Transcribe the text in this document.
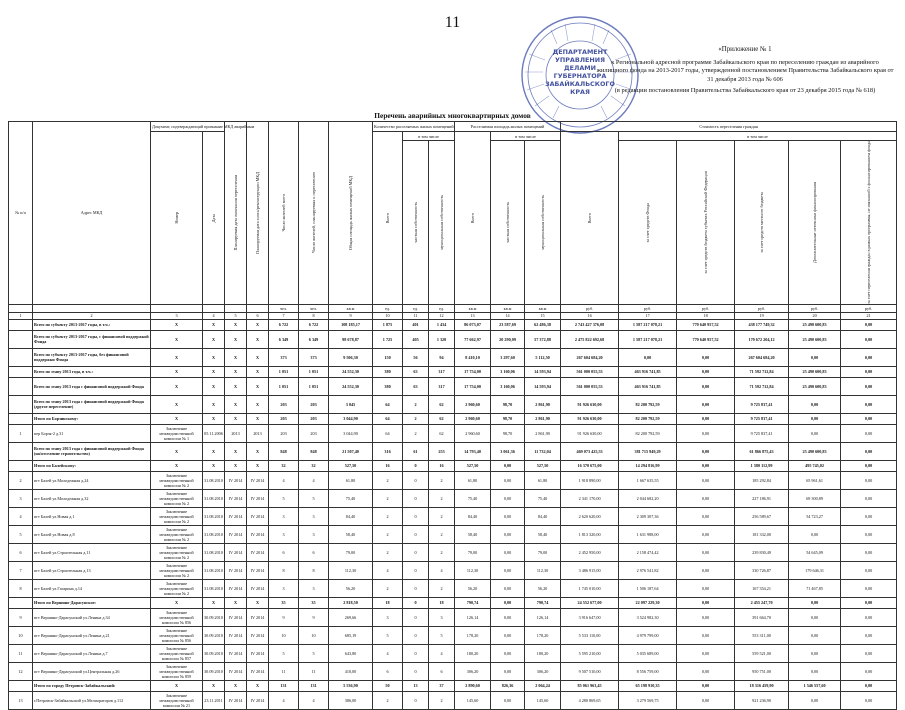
11
ДЕПАРТАМЕНТ
УПРАВЛЕНИЯ
ДЕЛАМИ
ГУБЕРНАТОРА
ЗАБАЙКАЛЬСКОГО
КРАЯ
«Приложение № 1
к Региональной адресной программе Забайкальского края по переселению граждан из аварийного жилищного фонда на 2013-2017 годы, утвержденной постановлением Правительства Забайкальского края от 31 декабря 2013 года № 606
(в редакции постановления Правительства Забайкальского края от 23 декабря 2015 года № 618)
Перечень аварийных многоквартирных домов
№ п/п	Адрес МКД	Документ, подтверждающий признание МКД аварийным		Планируемая дата окончания переселения	Планируемая дата сноса/реконструкции МКД	Число жителей всего	Число жителей, планируемых к переселению	Общая площадь жилых помещений МКД	Количество расселяемых жилых помещений			Расселяемая площадь жилых помещений			Стоимость переселения граждан					

		Номер	Дата						Всего	в том числе		Всего	в том числе		Всего	в том числе				

										частная собственность	муниципальная собственность		частная собственность	муниципальная собственность		за счет средств Фонда	за счет средств бюджета субъекта Российской Федерации	за счет средств местного бюджета	Дополнительные источники финансирования	за счет переселения граждан в рамках программы, не связанной с финансированием фонда

						чел.	чел.	кв.м	ед.	ед.	ед.	кв.м	кв.м	кв.м	руб.	руб.	руб.	руб.	руб.	руб.
1	2	3	4	5	6	7	8	9	10	11	12	13	14	15	16	17	18	19	20	21
	Всего по субъекту 2013-2017 годы, в т.ч.:	X	X	X	X	6 722	6 722	108 185,17	1 875	401	1 434	86 073,07	23 587,69	62 486,38	2 743 427 376,08	1 587 217 078,21	770 640 957,52	438 177 749,32	25 490 600,83	0,00
	Всего по субъекту 2013-2017 годы, с финансовой поддержкой Фонда	X	X	X	X	6 349	6 349	98 678,87	1 725	405	1 320	77 662,97	20 290,09	57 372,88	2 475 822 692,68	1 587 217 078,21	770 640 957,52	170 672 204,12	25 490 600,83	0,00
	Всего по субъекту 2013-2017 годы, без финансовой поддержки Фонда	X	X	X	X	373	373	9 506,30	150	56	94	8 410,10	3 297,60	5 112,50	267 604 684,20	0,00	0,00	267 604 684,20	0,00	0,00
	Всего по этапу 2013 года, в т.ч.:	X	X	X	X	1 051	1 051	24 552,30	380	63	317	17 754,00	3 160,06	14 593,94	561 000 055,53	463 916 741,85	0,00	71 592 712,84	25 490 600,83	0,00
	Всего по этапу 2013 года с финансовой поддержкой Фонда	X	X	X	X	1 051	1 051	24 552,30	380	63	317	17 754,00	3 160,06	14 593,94	561 000 055,53	463 916 741,85	0,00	71 592 712,84	25 490 600,83	0,00
	Всего по этапу 2013 года с финансовой поддержкой Фонда (другое переселение)	X	X	X	X	203	203	3 045	64	2	62	2 960,60	98,70	2 861,90	91 926 630,00	82 200 792,59	0,00	9 725 837,41	0,00	0,00
	Итого по Борзинскому:	X	X	X	X	203	203	3 044,90	64	2	62	2 960,60	98,70	2 861,90	91 926 630,00	82 200 792,59	0,00	9 725 837,41	0,00	0,00
1	пер Борзя-2 д.31	Заключение межведомственной комиссии № 1	05.11.2006	2013	2013	203	203	3 044,90	64	2	62	2 960,60	98,70	2 861,90	91 926 630,00	82 200 792,59	0,00	9 725 837,41	0,00	0,00
	Всего по этапу 2013 года с финансовой поддержкой Фонда (на/отселение строительство)	X	X	X	X	848	848	21 507,40	316	61	255	14 793,40	3 061,36	11 732,04	469 073 425,53	381 715 949,29	0,00	61 866 875,43	25 490 600,83	0,00
	Итого по Балейскому:	X	X	X	X	32	32	527,50	16	0	16	527,50	0,00	527,50	16 370 675,00	14 294 816,99	0,00	1 580 112,99	495 745,02	0,00
2	пгт Балей ул.Молодежная д.24	Заключение межведомственной комиссии № 2	31.08.2010	IV 2014	IV 2014	4	4	61,80	2	0	2	61,80	0,00	61,80	1 918 890,00	1 667 635,55	0,00	185 292,84	65 961,61	0,00
3	пгт Балей ул.Молодежная д.32	Заключение межведомственной комиссии № 2	31.08.2010	IV 2014	IV 2014	5	5	75,40	2	0	2	75,40	0,00	75,40	2 341 170,00	2 044 682,20	0,00	227 186,91	69 300,89	0,00
4	пгт Балей ул.Новая д.1	Заключение межведомственной комиссии № 2	31.08.2010	IV 2014	IV 2014	3	3	84,40	2	0	2	84,40	0,00	84,40	2 620 620,00	2 309 307,36	0,00	256 589,67	54 723,27	0,00
5	пгт Балей ул.Новая д.8	Заключение межведомственной комиссии № 2	31.08.2010	IV 2014	IV 2014	3	3	58,40	2	0	2	58,40	0,00	58,40	1 813 320,00	1 631 988,00	0,00	181 332,00	0,00	0,00
6	пгт Балей ул.Строительная д.11	Заключение межведомственной комиссии № 2	31.08.2010	IV 2014	IV 2014	6	6	79,00	2	0	2	79,00	0,00	79,00	2 452 950,00	2 158 474,42	0,00	239 830,49	54 645,09	0,00
7	пгт Балей ул.Строительная д.13	Заключение межведомственной комиссии № 2	31.08.2010	IV 2014	IV 2014	8	8	112,30	4	0	4	112,30	0,00	112,30	3 486 915,00	2 976 541,82	0,00	330 726,87	179 646,31	0,00
8	пгт Балей ул.Гагарина д.14	Заключение межведомственной комиссии № 2	31.08.2010	IV 2014	IV 2014	3	3	56,20	2	0	2	56,20	0,00	56,20	1 745 010,00	1 506 187,64	0,00	167 354,21	71 467,85	0,00
	Итого по Вершино-Дарасунское:	X	X	X	X	35	35	2 818,50	18	0	18	790,74	0,00	790,74	24 552 677,00	22 097 229,30	0,00	2 455 247,70	0,00	0,00
9	пгт Вершино-Дарасунский ул.Ленина д.34	Заключение межведомственной комиссии № 856	30.09.2010	IV 2014	IV 2014	9	9	269,66	3	0	3	126,14	0,00	126,14	3 916 647,00	3 524 982,30	0,00	391 664,70	0,00	0,00
10	пгт Вершино-Дарасунский ул.Ленина д.21	Заключение межведомственной комиссии № 856	30.09.2010	IV 2014	IV 2014	10	10	685,19	5	0	5	178,20	0,00	178,20	5 533 110,00	4 979 799,00	0,00	553 311,00	0,00	0,00
11	пгт Вершино-Дарасунский ул.Ленина д.7	Заключение межведомственной комиссии № 857	30.09.2010	IV 2014	IV 2014	5	5	643,80	4	0	4	180,20	0,00	180,20	5 595 210,00	5 035 689,00	0,00	559 521,00	0,00	0,00
12	пгт Вершино-Дарасунский ул.Центральная д.26	Заключение межведомственной комиссии № 859	30.09.2010	IV 2014	IV 2014	11	11	410,00	6	0	6	306,20	0,00	306,20	9 507 510,00	8 556 759,00	0,00	950 751,00	0,00	0,00
	Итого по городу Петровск-Забайкальский:	X	X	X	X	131	131	5 536,90	50	13	37	2 890,60	826,36	2 064,24	85 061 963,45	65 198 910,35	0,00	18 316 459,90	1 546 557,60	0,00
13	г.Петровск-Забайкальский ул.Мелиораторов д.112	Заключение межведомственной комиссии № 21	23.11.2011	IV 2014	IV 2014	4	4	386,00	2	0	2	145,60	0,00	145,60	4 280 869,65	3 279 569,75	0,00	921 236,90	0,00	0,00
